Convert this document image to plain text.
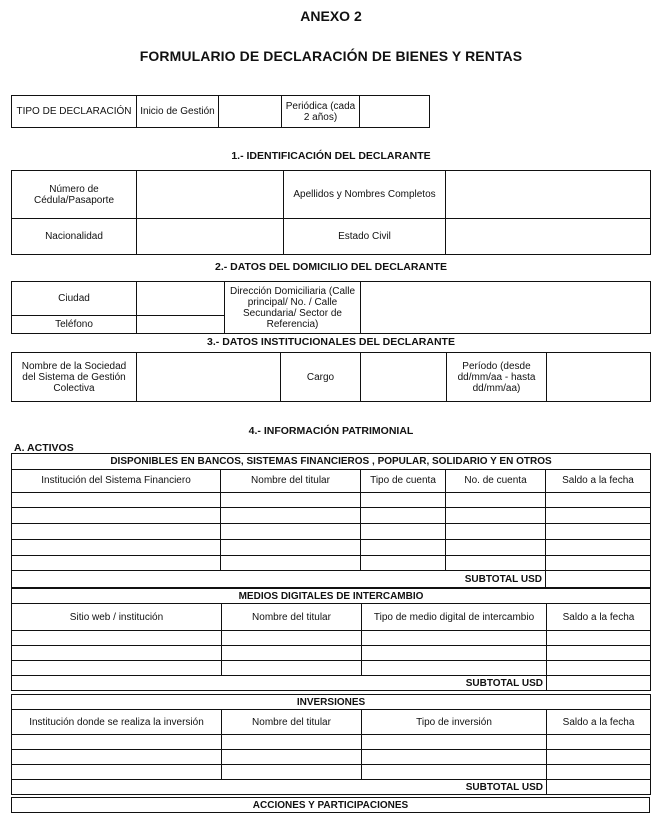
ANEXO 2
FORMULARIO DE DECLARACIÓN DE BIENES Y RENTAS
TIPO DE DECLARACIÓN	Inicio de Gestión		Periódica (cada 2 años)	
1.- IDENTIFICACIÓN DEL DECLARANTE
Número de Cédula/Pasaporte		Apellidos y Nombres Completos	
Nacionalidad		Estado Civil	
2.- DATOS DEL DOMICILIO DEL DECLARANTE
Ciudad		Dirección Domiciliaria (Calle principal/ No. / Calle Secundaria/ Sector de Referencia)	
Teléfono			
3.- DATOS INSTITUCIONALES DEL DECLARANTE
Nombre de la Sociedad del Sistema de Gestión Colectiva		Cargo		Período (desde dd/mm/aa - hasta dd/mm/aa)	
4.- INFORMACIÓN PATRIMONIAL
A. ACTIVOS
DISPONIBLES EN BANCOS, SISTEMAS FINANCIEROS , POPULAR, SOLIDARIO Y EN OTROS				
Institución del Sistema Financiero	Nombre del titular	Tipo de cuenta	No. de cuenta	Saldo a la fecha

SUBTOTAL USD				
MEDIOS DIGITALES DE INTERCAMBIO			
Sitio web / institución	Nombre del titular	Tipo de medio digital de intercambio	Saldo a la fecha

SUBTOTAL USD			
INVERSIONES			
Institución donde se realiza la inversión	Nombre del titular	Tipo de inversión	Saldo a la fecha

SUBTOTAL USD			
ACCIONES Y PARTICIPACIONES
